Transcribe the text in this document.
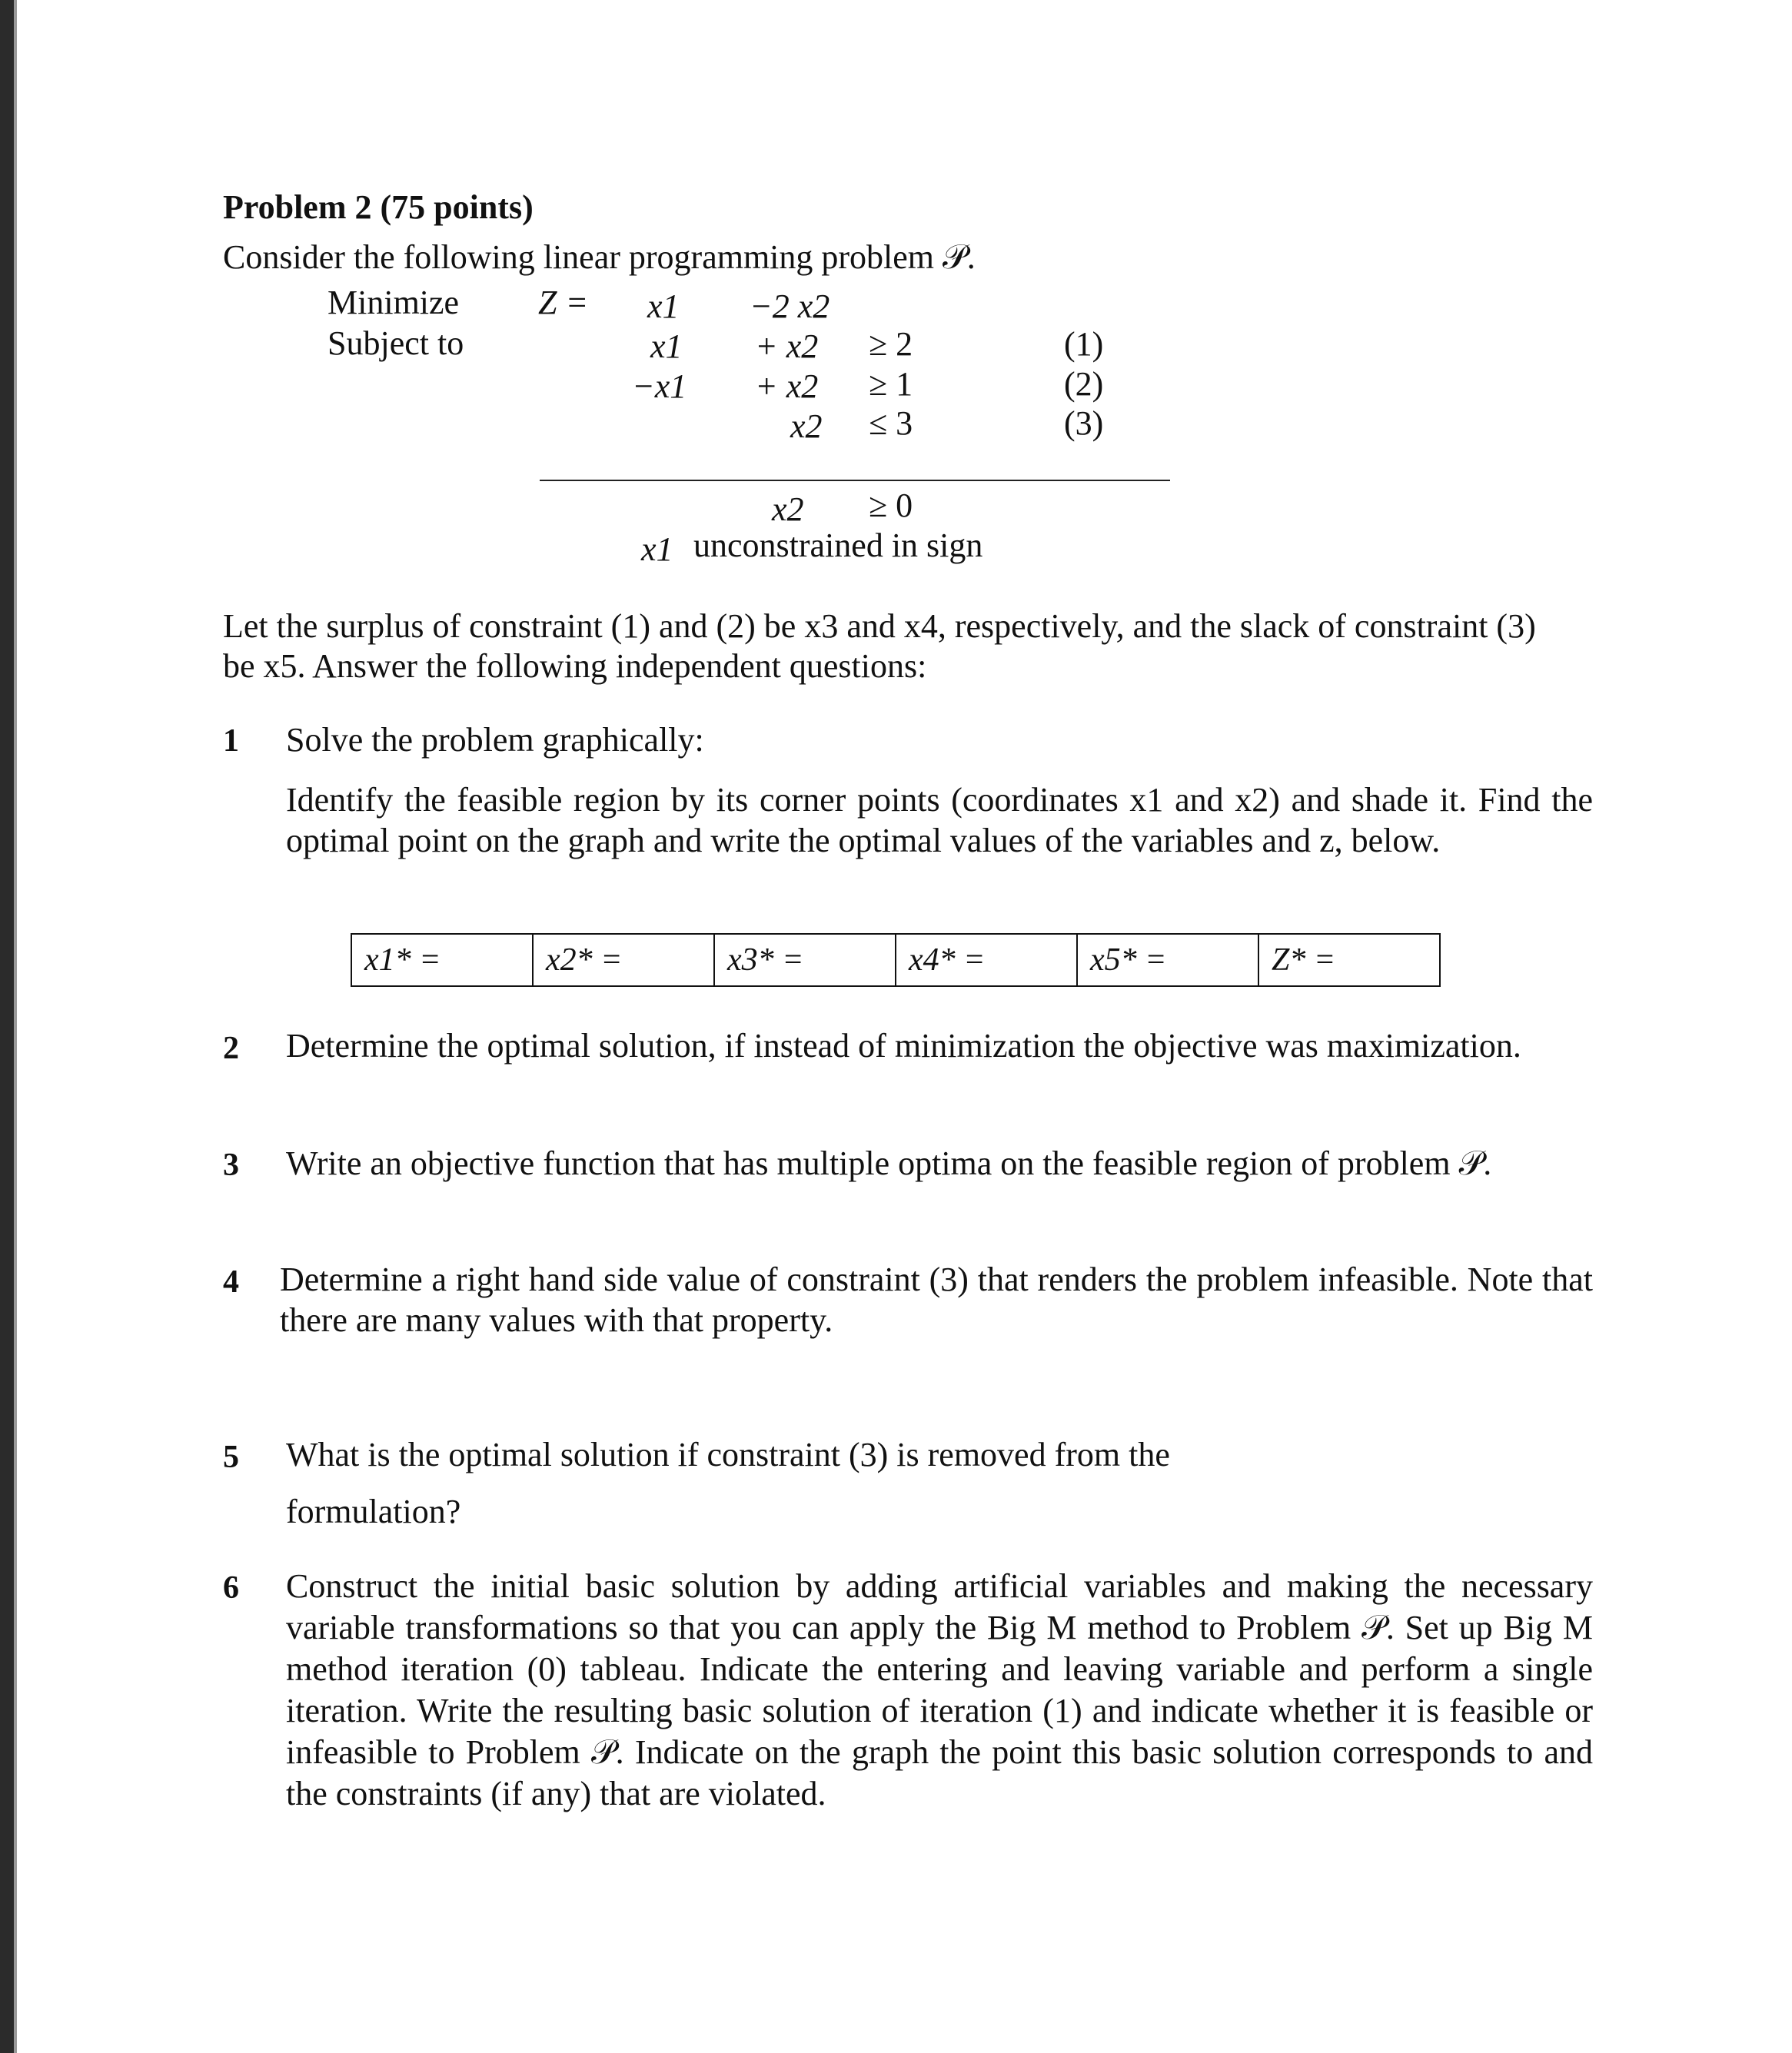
Problem 2 (75 points)
Consider the following linear programming problem 𝒫.
Minimize Z = x1 −2 x2
Subject to	x1 + x2 ≥ 2	(1)
−x1 + x2 ≥ 1	(2)
x2 ≤ 3	(3)
x2 ≥ 0
x1 unconstrained in sign
Let the surplus of constraint (1) and (2) be x3 and x4, respectively, and the slack of constraint (3)
be x5. Answer the following independent questions:
1 Solve the problem graphically:
Identify the feasible region by its corner points (coordinates x1 and x2) and shade it. Find the optimal point on the graph and write the optimal values of the variables and z, below.
x1* =	x2* =	x3* =	x4* =	x5* =	Z* =
2 Determine the optimal solution, if instead of minimization the objective was maximization.
3 Write an objective function that has multiple optima on the feasible region of problem 𝒫.
4 Determine a right hand side value of constraint (3) that renders the problem infeasible. Note that there are many values with that property.
5 What is the optimal solution if constraint (3) is removed from the
formulation?
6 Construct the initial basic solution by adding artificial variables and making the necessary variable transformations so that you can apply the Big M method to Problem 𝒫. Set up Big M method iteration (0) tableau. Indicate the entering and leaving variable and perform a single iteration. Write the resulting basic solution of iteration (1) and indicate whether it is feasible or infeasible to Problem 𝒫. Indicate on the graph the point this basic solution corresponds to and the constraints (if any) that are violated.
